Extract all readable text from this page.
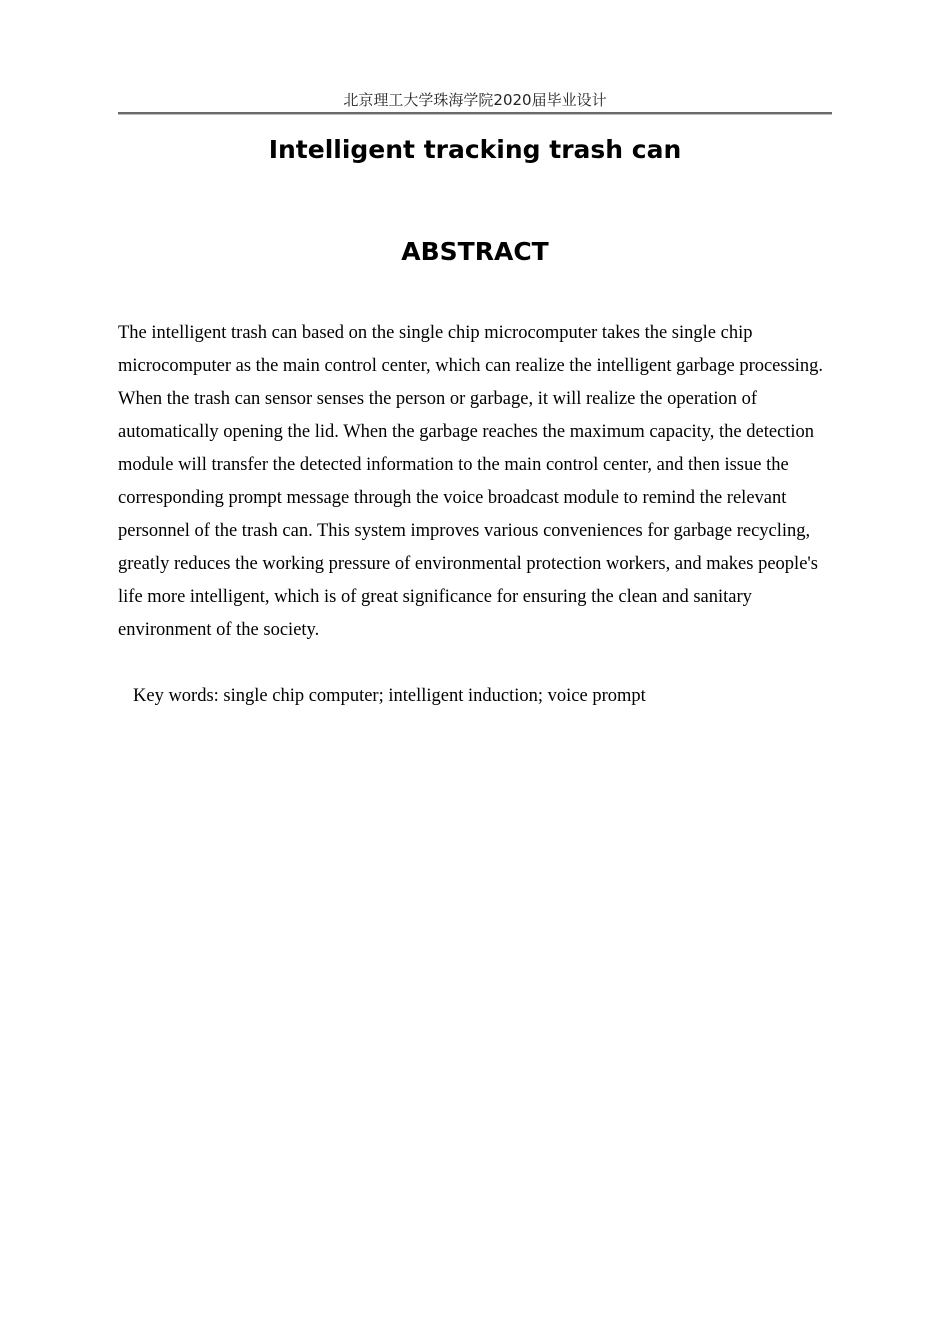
北京理工大学珠海学院2020届毕业设计
Intelligent tracking trash can
ABSTRACT

The intelligent trash can based on the single chip microcomputer takes the single chip microcomputer as the main control center, which can realize the intelligent garbage processing. When the trash can sensor senses the person or garbage, it will realize the operation of automatically opening the lid. When the garbage reaches the maximum capacity, the detection module will transfer the detected information to the main control center, and then issue the corresponding prompt message through the voice broadcast module to remind the relevant personnel of the trash can. This system improves various conveniences for garbage recycling, greatly reduces the working pressure of environmental protection workers, and makes people's life more intelligent, which is of great significance for ensuring the clean and sanitary environment of the society.

Key words: single chip computer; intelligent induction; voice prompt
